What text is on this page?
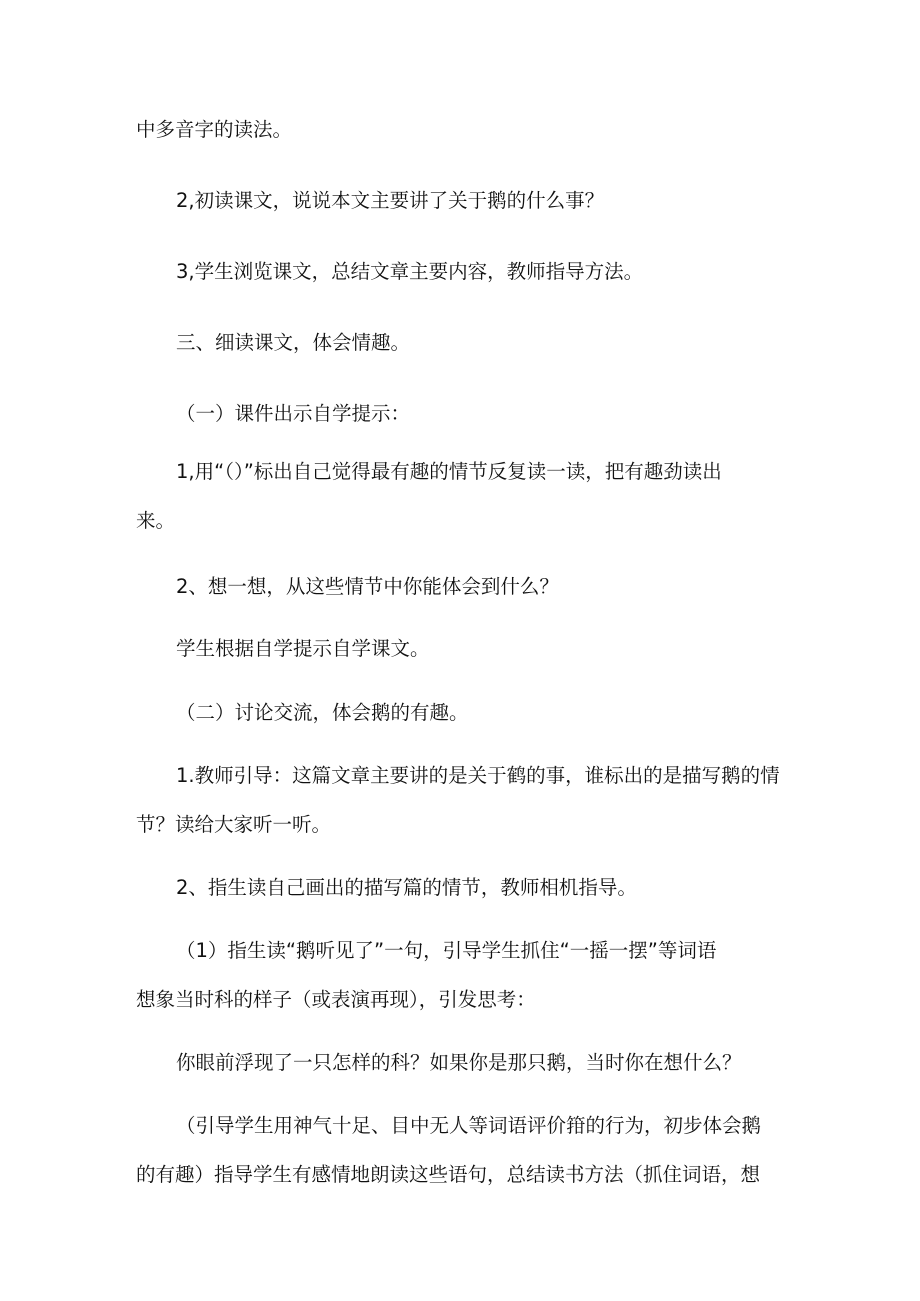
中多音字的读法。

2,初读课文，说说本文主要讲了关于鹅的什么事？

3,学生浏览课文，总结文章主要内容，教师指导方法。

三、细读课文，体会情趣。

（一）课件出示自学提示：

1,用“（）”标出自己觉得最有趣的情节反复读一读，把有趣劲读出

来。

2、想一想，从这些情节中你能体会到什么？

学生根据自学提示自学课文。

（二）讨论交流，体会鹅的有趣。

1.教师引导：这篇文章主要讲的是关于鹤的事，谁标出的是描写鹅的情

节？读给大家听一听。

2、指生读自己画出的描写篇的情节，教师相机指导。

（1）指生读“鹅听见了”一句，引导学生抓住“一摇一摆”等词语

想象当时科的样子（或表演再现），引发思考：

你眼前浮现了一只怎样的科？如果你是那只鹅，当时你在想什么？

（引导学生用神气十足、目中无人等词语评价箝的行为，初步体会鹅

的有趣）指导学生有感情地朗读这些语句，总结读书方法（抓住词语，想
